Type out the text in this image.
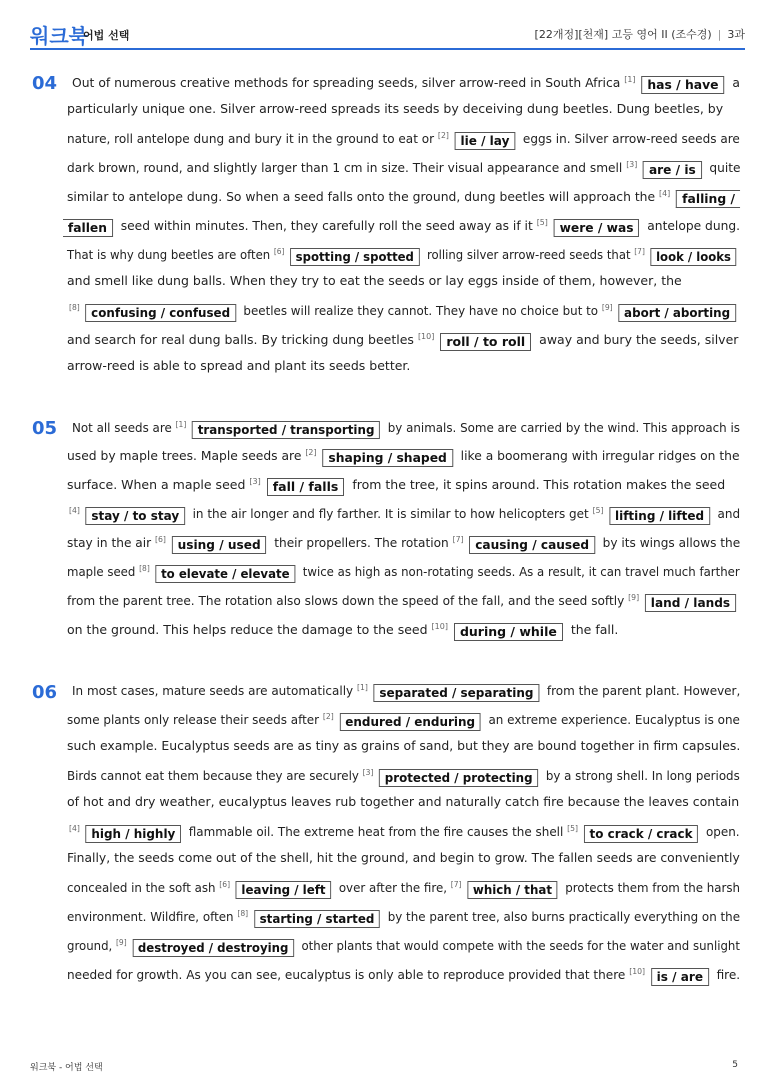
워크북
어법 선택	[22개정][천재] 고등 영어 II (조수경) | 3과
04 Out of numerous creative methods for spreading seeds, silver arrow-reed in South Africa [1] has / have a
particularly unique one. Silver arrow-reed spreads its seeds by deceiving dung beetles. Dung beetles, by
nature, roll antelope dung and bury it in the ground to eat or [2] lie / lay eggs in. Silver arrow-reed seeds are
dark brown, round, and slightly larger than 1 cm in size. Their visual appearance and smell [3] are / is quite
similar to antelope dung. So when a seed falls onto the ground, dung beetles will approach the [4] falling /
fallen seed within minutes. Then, they carefully roll the seed away as if it [5] were / was antelope dung.
That is why dung beetles are often [6] spotting / spotted rolling silver arrow-reed seeds that [7] look / looks
and smell like dung balls. When they try to eat the seeds or lay eggs inside of them, however, the
[8] confusing / confused beetles will realize they cannot. They have no choice but to [9] abort / aborting
and search for real dung balls. By tricking dung beetles [10] roll / to roll away and bury the seeds, silver
arrow-reed is able to spread and plant its seeds better.
05 Not all seeds are [1] transported / transporting by animals. Some are carried by the wind. This approach is
used by maple trees. Maple seeds are [2] shaping / shaped like a boomerang with irregular ridges on the
surface. When a maple seed [3] fall / falls from the tree, it spins around. This rotation makes the seed
[4] stay / to stay in the air longer and fly farther. It is similar to how helicopters get [5] lifting / lifted and
stay in the air [6] using / used their propellers. The rotation [7] causing / caused by its wings allows the
maple seed [8] to elevate / elevate twice as high as non-rotating seeds. As a result, it can travel much farther
from the parent tree. The rotation also slows down the speed of the fall, and the seed softly [9] land / lands
on the ground. This helps reduce the damage to the seed [10] during / while the fall.
06 In most cases, mature seeds are automatically [1] separated / separating from the parent plant. However,
some plants only release their seeds after [2] endured / enduring an extreme experience. Eucalyptus is one
such example. Eucalyptus seeds are as tiny as grains of sand, but they are bound together in firm capsules.
Birds cannot eat them because they are securely [3] protected / protecting by a strong shell. In long periods
of hot and dry weather, eucalyptus leaves rub together and naturally catch fire because the leaves contain
[4] high / highly flammable oil. The extreme heat from the fire causes the shell [5] to crack / crack open.
Finally, the seeds come out of the shell, hit the ground, and begin to grow. The fallen seeds are conveniently
concealed in the soft ash [6] leaving / left over after the fire, [7] which / that protects them from the harsh
environment. Wildfire, often [8] starting / started by the parent tree, also burns practically everything on the
ground, [9] destroyed / destroying other plants that would compete with the seeds for the water and sunlight
needed for growth. As you can see, eucalyptus is only able to reproduce provided that there [10] is / are fire.
워크북 - 어법 선택	5
